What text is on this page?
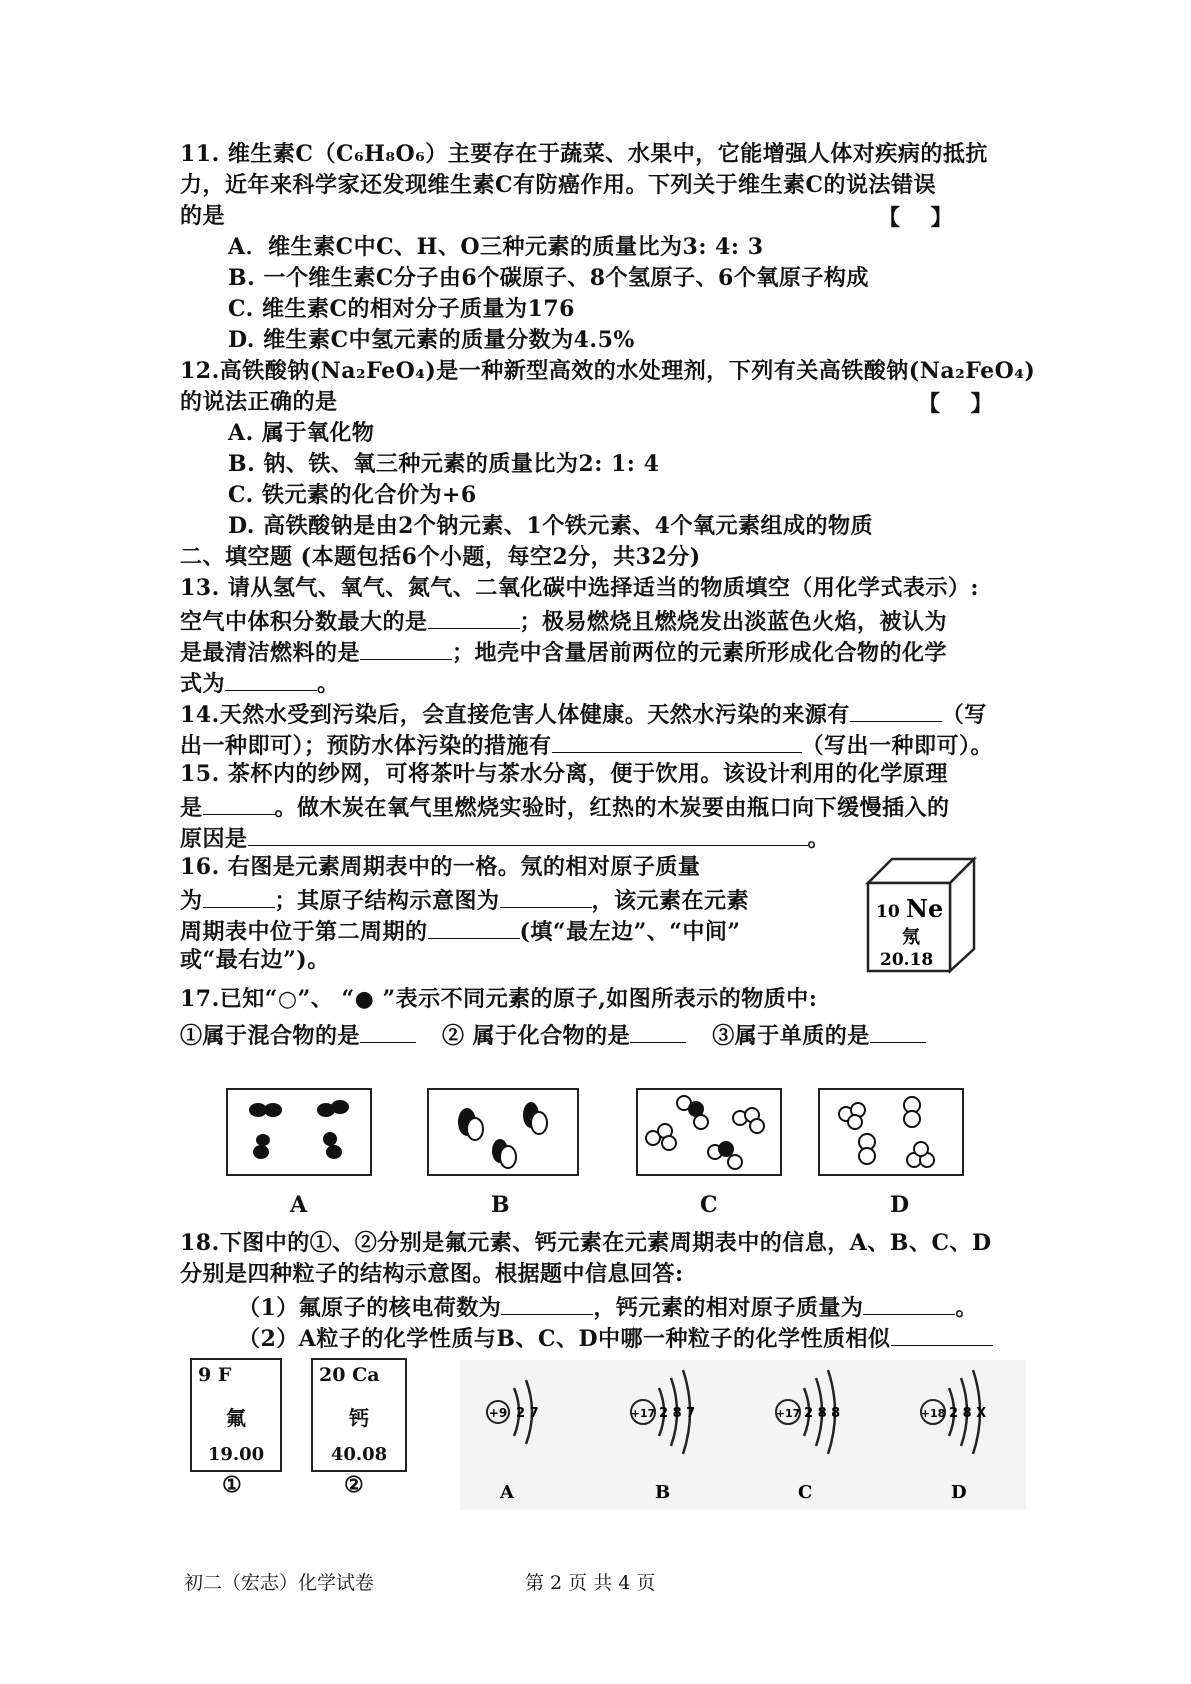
11. 维生素C（C₆H₈O₆）主要存在于蔬菜、水果中，它能增强人体对疾病的抵抗
力，近年来科学家还发现维生素C有防癌作用。下列关于维生素C的说法错误
的是	【    】
A．维生素C中C、H、O三种元素的质量比为3: 4: 3
B. 一个维生素C分子由6个碳原子、8个氢原子、6个氧原子构成
C. 维生素C的相对分子质量为176
D. 维生素C中氢元素的质量分数为4.5%
12.高铁酸钠(Na₂FeO₄)是一种新型高效的水处理剂，下列有关高铁酸钠(Na₂FeO₄)
的说法正确的是	【    】
A. 属于氧化物
B. 钠、铁、氧三种元素的质量比为2: 1: 4
C. 铁元素的化合价为+6
D. 高铁酸钠是由2个钠元素、1个铁元素、4个氧元素组成的物质
二、填空题 (本题包括6个小题，每空2分，共32分)
13. 请从氢气、氧气、氮气、二氧化碳中选择适当的物质填空（用化学式表示）:
空气中体积分数最大的是	；极易燃烧且燃烧发出淡蓝色火焰，被认为
是最清洁燃料的是	；地壳中含量居前两位的元素所形成化合物的化学
式为	。
14.天然水受到污染后，会直接危害人体健康。天然水污染的来源有	（写
出一种即可）；预防水体污染的措施有	（写出一种即可）。
15. 茶杯内的纱网，可将茶叶与茶水分离，便于饮用。该设计利用的化学原理
是	。做木炭在氧气里燃烧实验时，红热的木炭要由瓶口向下缓慢插入的
原因是	。
16. 右图是元素周期表中的一格。氖的相对原子质量
为	；其原子结构示意图为	，该元素在元素
周期表中位于第二周期的	(填“最左边”、“中间”
或“最右边”)。
10 Ne
氖
20.18
17.已知“○”、 “● ”表示不同元素的原子,如图所表示的物质中:
①属于混合物的是	② 属于化合物的是	③属于单质的是
A	B	C	D
18.下图中的①、②分别是氟元素、钙元素在元素周期表中的信息，A、B、C、D
分别是四种粒子的结构示意图。根据题中信息回答:
（1）氟原子的核电荷数为	，钙元素的相对原子质量为	。
（2）A粒子的化学性质与B、C、D中哪一种粒子的化学性质相似
9 F
氟
19.00
①
20 Ca
钙
40.08
②
+9 2 7
A
+17 2 8 7
B
+17 2 8 8
C
+18 2 8 X
D
初二（宏志）化学试卷	第 2 页 共 4 页
